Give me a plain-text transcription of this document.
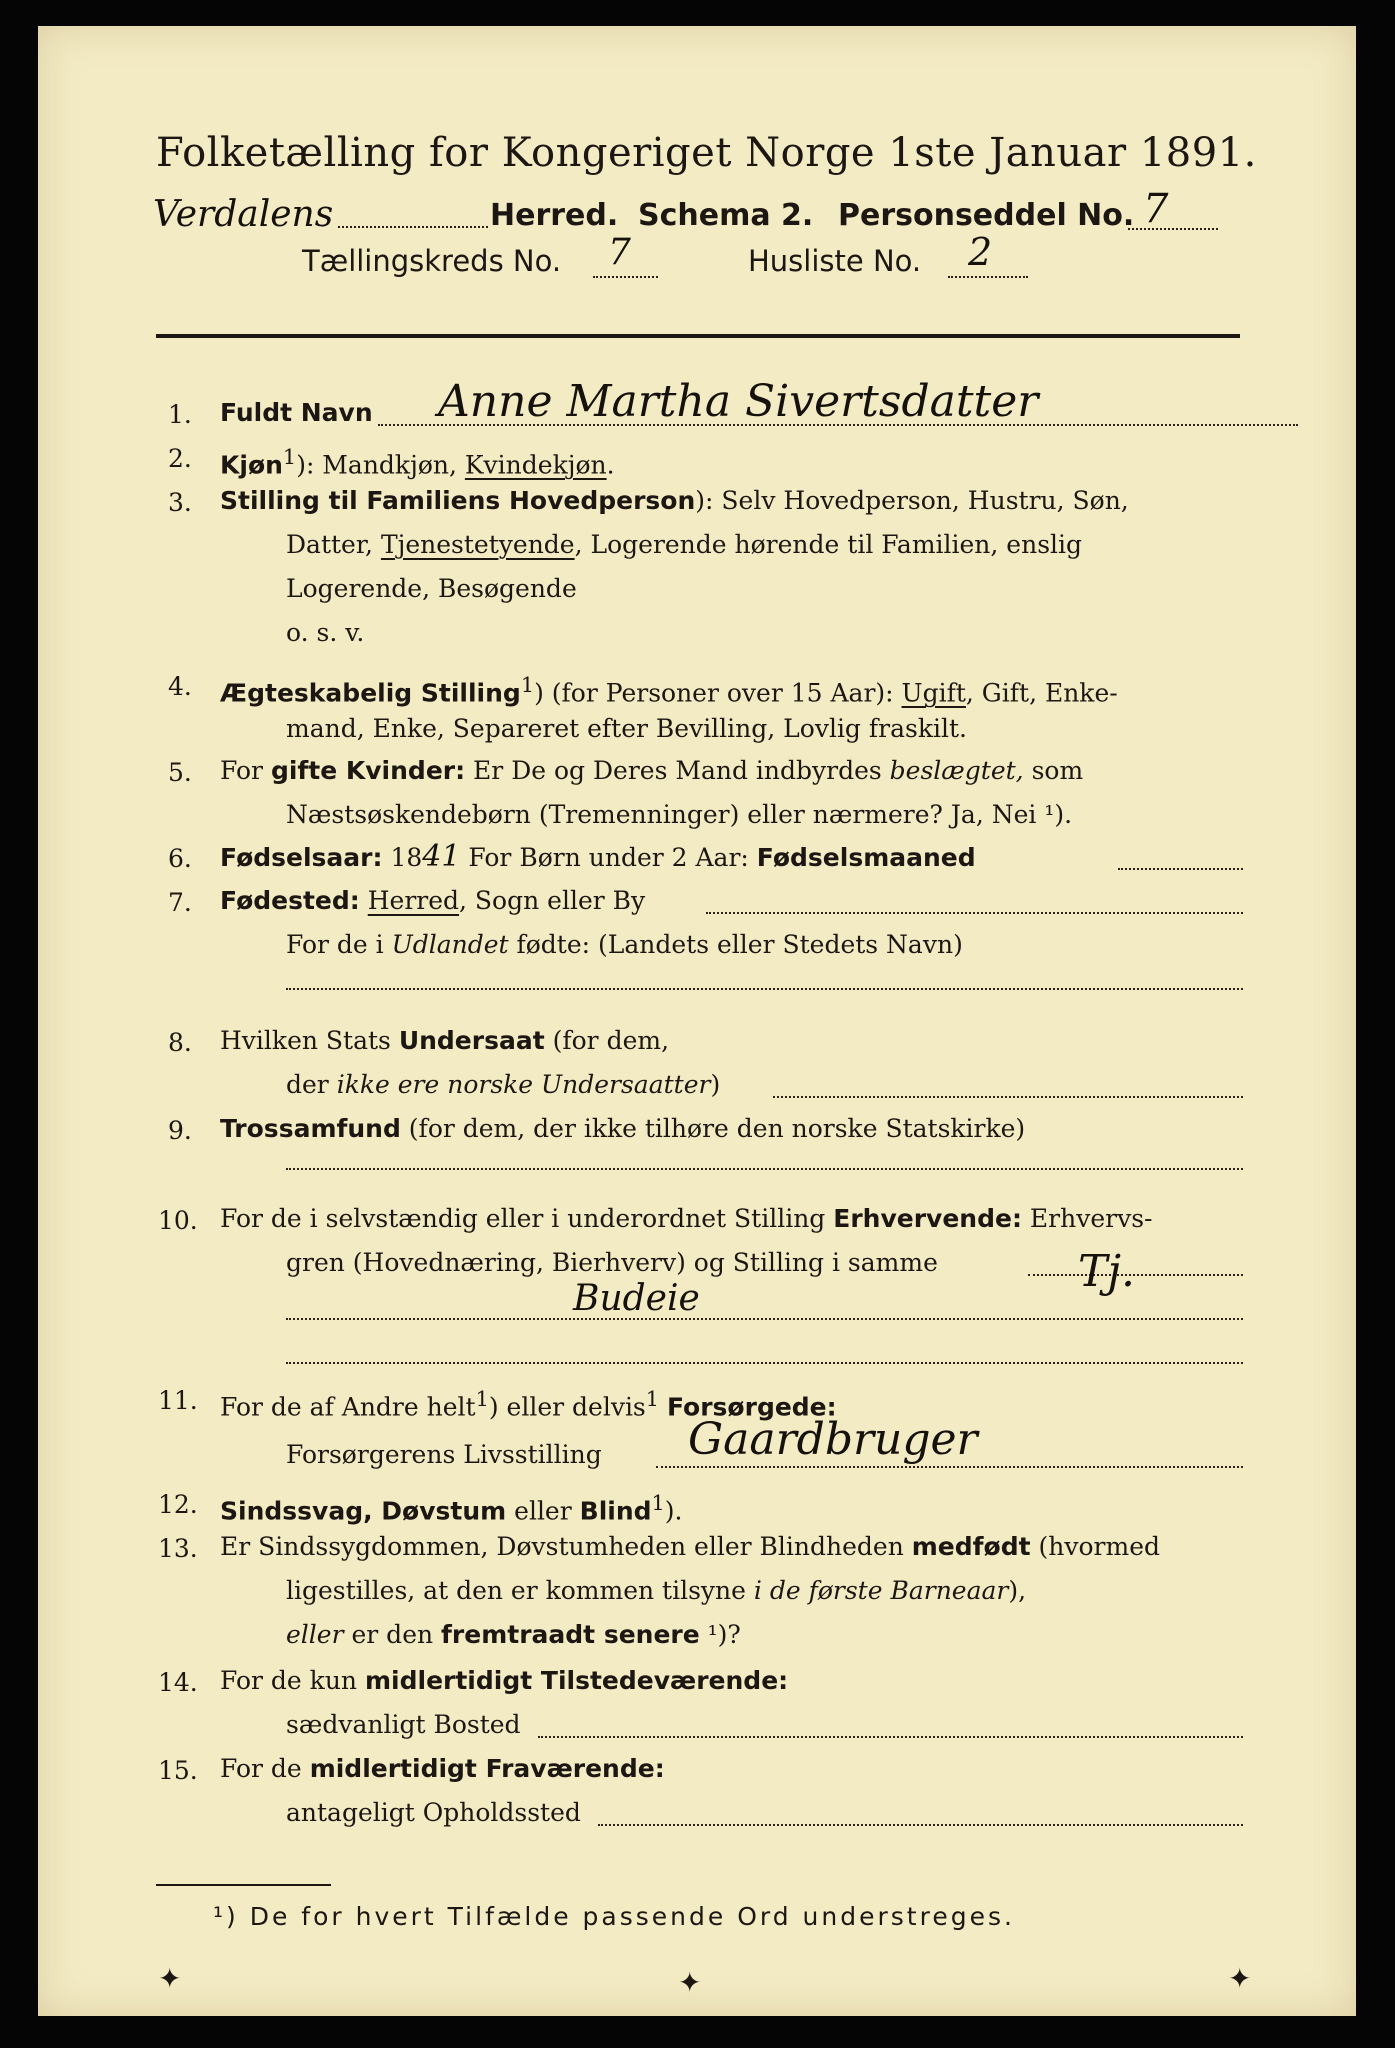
Folketælling for Kongeriget Norge 1ste Januar 1891.
Verdalens	Herred. Schema 2. Personseddel No. 7
Tællingskreds No. 7	Husliste No. 2
1. Fuldt Navn Anne Martha Sivertsdatter
2. Kjøn$^1$): Mandkjøn, Kvindekjøn.
3. Stilling til Familiens Hovedperson): Selv Hovedperson, Hustru, Søn,
Datter, Tjenestetyende, Logerende hørende til Familien, enslig
Logerende, Besøgende
o. s. v.
4. Ægteskabelig Stilling$^1$) (for Personer over 15 Aar): Ugift, Gift, Enke-
mand, Enke, Separeret efter Bevilling, Lovlig fraskilt.
5. For gifte Kvinder: Er De og Deres Mand indbyrdes beslægtet, som
Næstsøskendebørn (Tremenninger) eller nærmere? Ja, Nei ¹).
6. Fødselsaar: 1841 For Børn under 2 Aar: Fødselsmaaned
7. Fødested: Herred, Sogn eller By
For de i Udlandet fødte: (Landets eller Stedets Navn)
8. Hvilken Stats Undersaat (for dem,
der ikke ere norske Undersaatter)
9. Trossamfund (for dem, der ikke tilhøre den norske Statskirke)
10. For de i selvstændig eller i underordnet Stilling Erhvervende: Erhvervs-
gren (Hovednæring, Bierhverv) og Stilling i samme
Budeie
Tj.
11. For de af Andre helt$^1$) eller delvis$^1$ Forsørgede:
Forsørgerens Livsstilling Gaardbruger
12. Sindssvag, Døvstum eller Blind$^1$).
13. Er Sindssygdommen, Døvstumheden eller Blindheden medfødt (hvormed
ligestilles, at den er kommen tilsyne i de første Barneaar),
eller er den fremtraadt senere ¹)?
14. For de kun midlertidigt Tilstedeværende:
sædvanligt Bosted
15. For de midlertidigt Fraværende:
antageligt Opholdssted
¹) De for hvert Tilfælde passende Ord understreges.
✦	✦	✦
